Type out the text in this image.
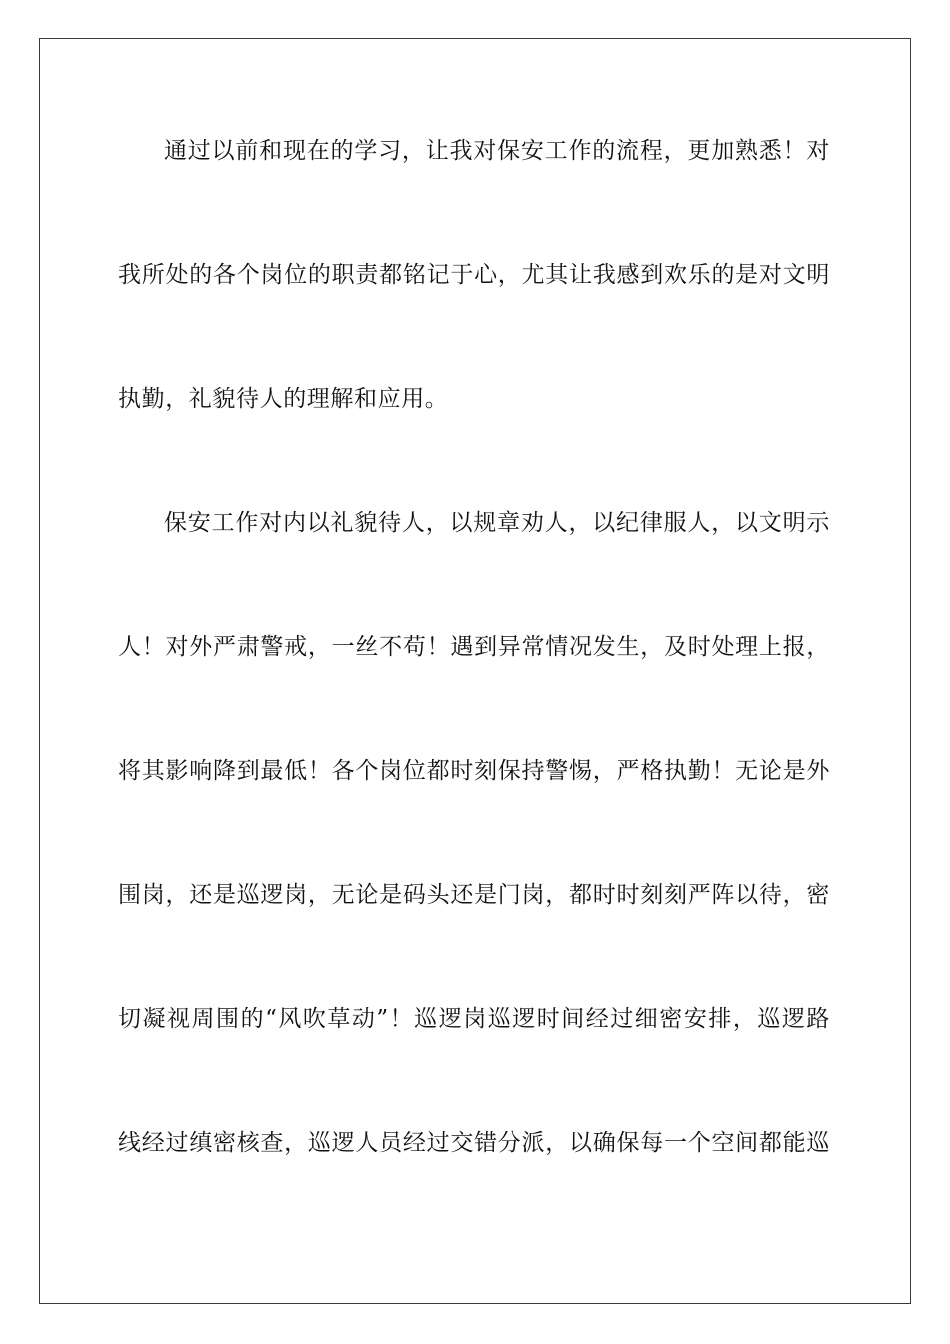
通过以前和现在的学习，让我对保安工作的流程，更加熟悉！对
我所处的各个岗位的职责都铭记于心，尤其让我感到欢乐的是对文明
执勤，礼貌待人的理解和应用。
保安工作对内以礼貌待人，以规章劝人，以纪律服人，以文明示
人！对外严肃警戒，一丝不苟！遇到异常情况发生，及时处理上报，
将其影响降到最低！各个岗位都时刻保持警惕，严格执勤！无论是外
围岗，还是巡逻岗，无论是码头还是门岗，都时时刻刻严阵以待，密
切凝视周围的“风吹草动”！巡逻岗巡逻时间经过细密安排，巡逻路
线经过缜密核查，巡逻人员经过交错分派，以确保每一个空间都能巡
